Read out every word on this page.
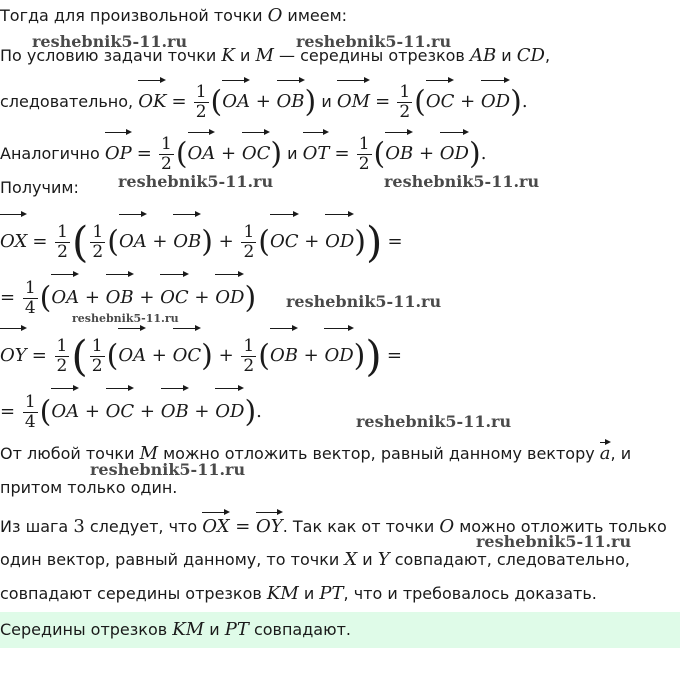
Тогда для произвольной точки O имеем:
По условию задачи точки K и M — середины отрезков AB и CD,
следовательно, OK = $\frac{1}{2} (OA + OB)$ и OM = $\frac{1}{2} (OC + OD)$.
Аналогично OP = $\frac{1}{2} (OA + OC)$ и OT = $\frac{1}{2} (OB + OD)$.
Получим:
OX = $\frac{1}{2}$ ( $\frac{1}{2} (OA + OB) + \frac{1}{2} (OC + OD)$) =
= $\frac{1}{4} (OA$ + OB + OC + OD)
OY = $\frac{1}{2}$ ( $\frac{1}{2} (OA + OC) + \frac{1}{2} (OB + OD)$) =
= $\frac{1}{4} (OA$ + OC + OB + OD).
От любой точки M можно отложить вектор, равный данному вектору a, и
притом только один.
Из шага 3 следует, что OX = OY. Так как от точки O можно отложить только
один вектор, равный данному, то точки X и Y совпадают, следовательно,
совпадают середины отрезков KM и PT, что и требовалось доказать.
Середины отрезков KM и PT совпадают.
reshebnik5-11.ru	reshebnik5-11.ru
reshebnik5-11.ru	reshebnik5-11.ru
reshebnik5-11.ru
reshebnik5-11.ru
reshebnik5-11.ru
reshebnik5-11.ru
reshebnik5-11.ru
